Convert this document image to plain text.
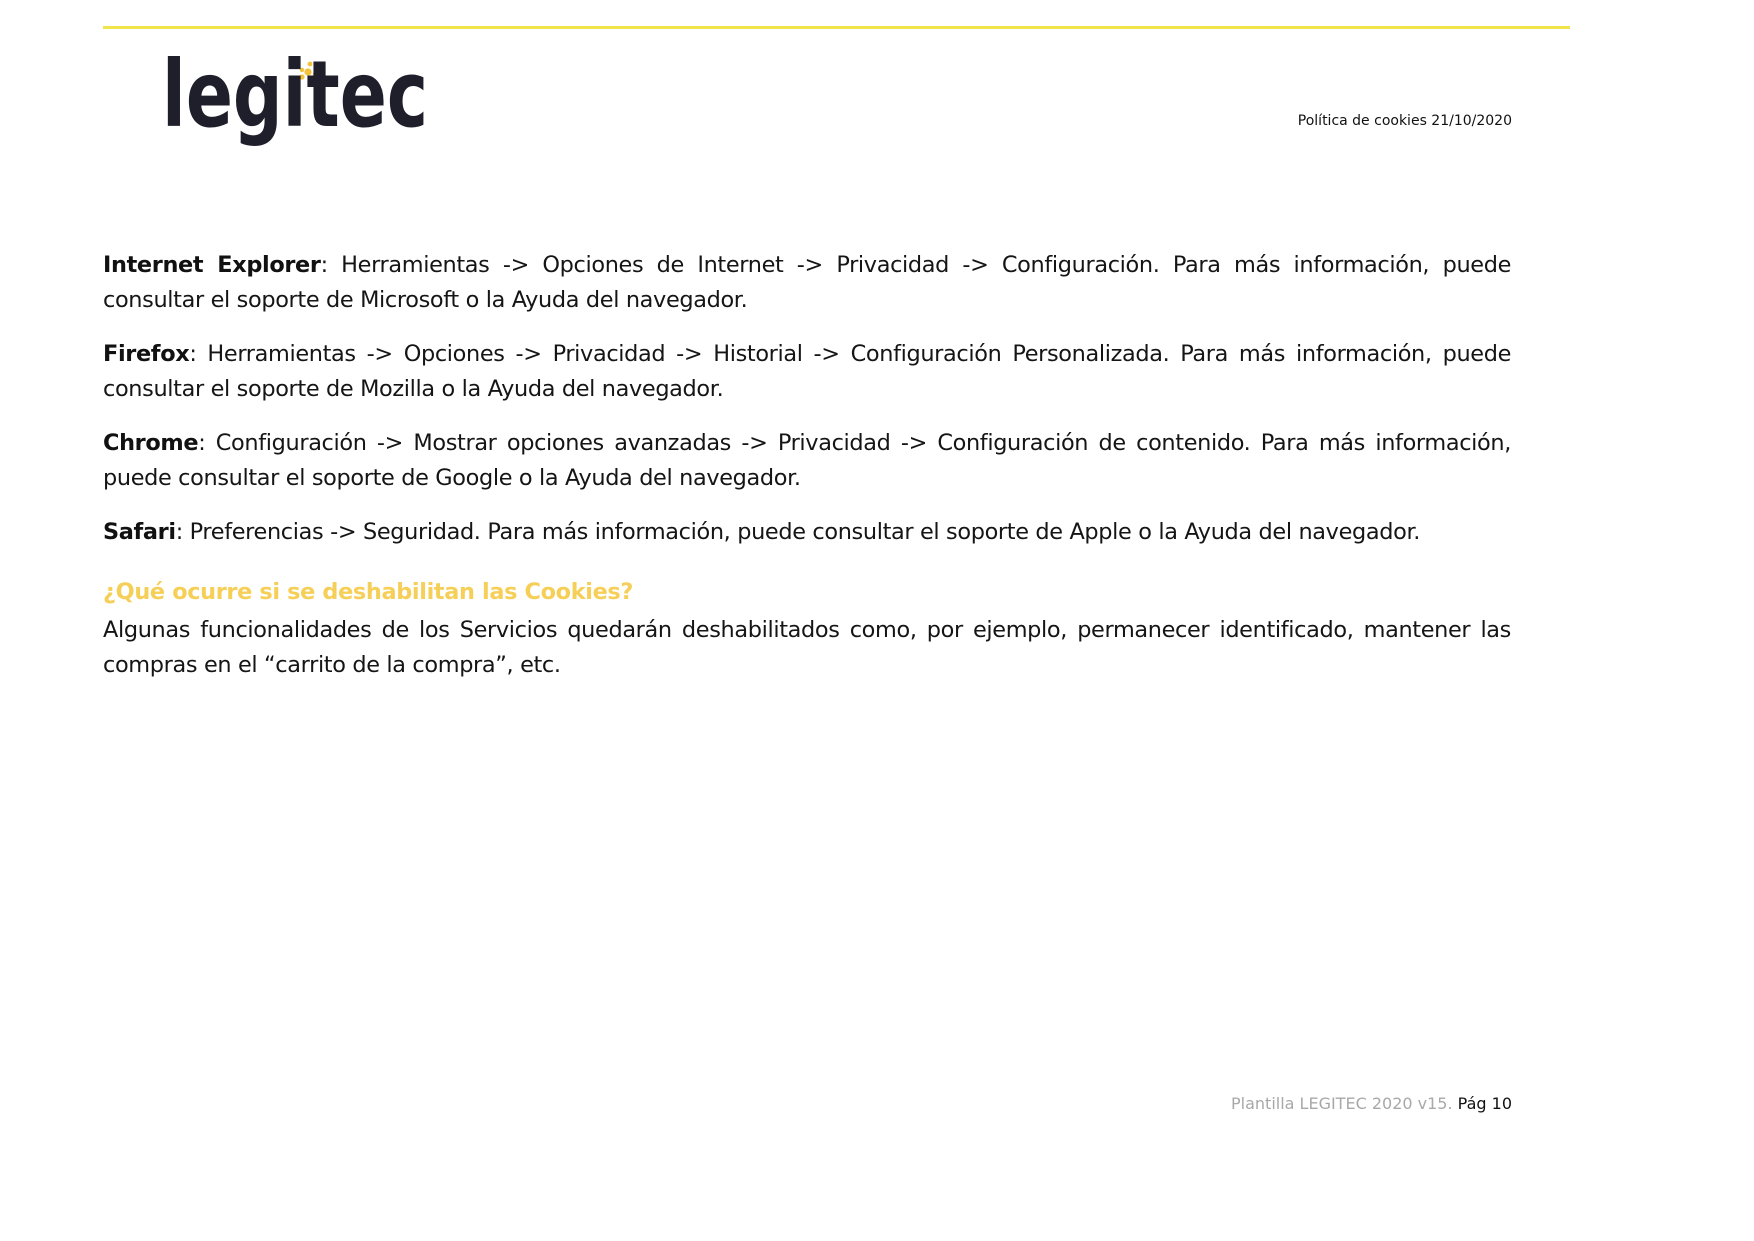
legitec	Política de cookies 21/10/2020

Internet Explorer: Herramientas -> Opciones de Internet -> Privacidad -> Configuración. Para más información, puede consultar el soporte de Microsoft o la Ayuda del navegador.

Firefox: Herramientas -> Opciones -> Privacidad -> Historial -> Configuración Personalizada. Para más información, puede consultar el soporte de Mozilla o la Ayuda del navegador.

Chrome: Configuración -> Mostrar opciones avanzadas -> Privacidad -> Configuración de contenido. Para más información, puede consultar el soporte de Google o la Ayuda del navegador.

Safari: Preferencias -> Seguridad. Para más información, puede consultar el soporte de Apple o la Ayuda del navegador.

¿Qué ocurre si se deshabilitan las Cookies?

Algunas funcionalidades de los Servicios quedarán deshabilitados como, por ejemplo, permanecer identificado, mantener las compras en el “carrito de la compra”, etc.

Plantilla LEGITEC 2020 v15. Pág 10
